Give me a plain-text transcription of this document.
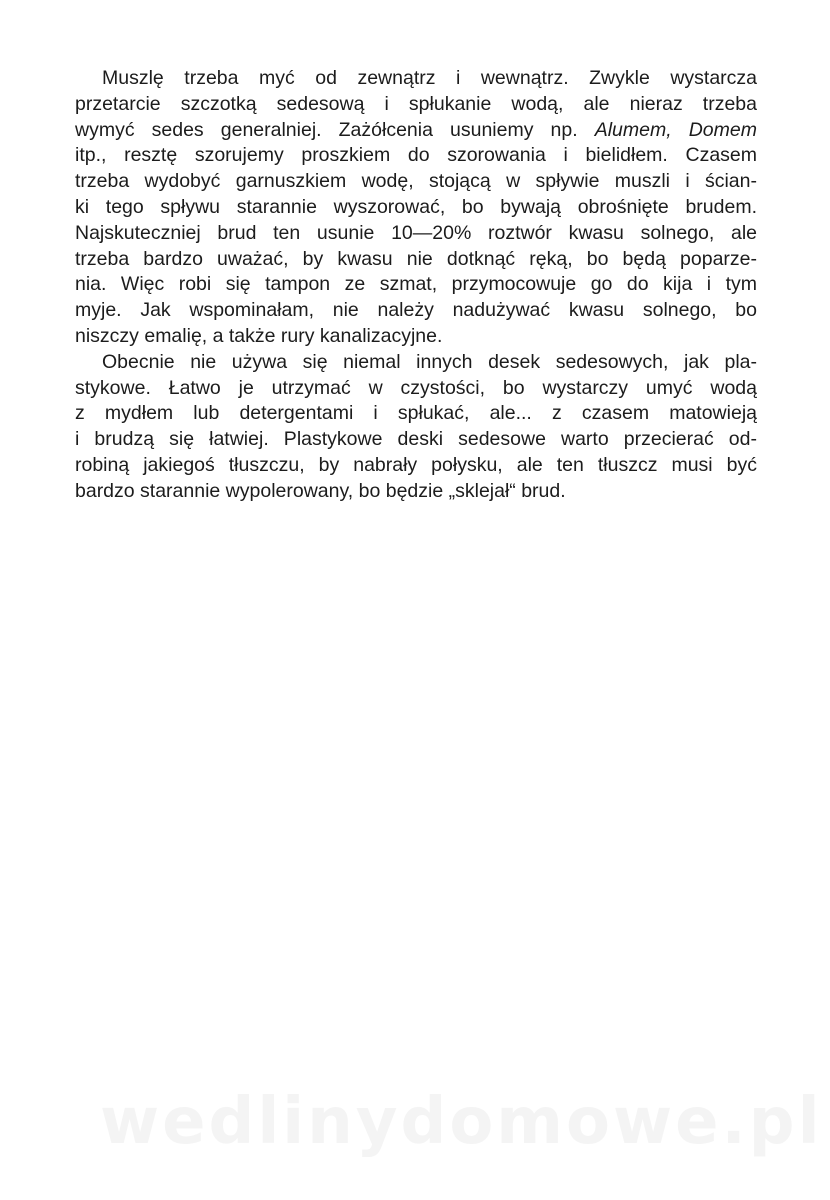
Muszlę trzeba myć od zewnątrz i wewnątrz. Zwykle wystarcza
przetarcie szczotką sedesową i spłukanie wodą, ale nieraz trzeba
wymyć sedes generalniej. Zażółcenia usuniemy np. Alumem, Domem
itp., resztę szorujemy proszkiem do szorowania i bielidłem. Czasem
trzeba wydobyć garnuszkiem wodę, stojącą w spływie muszli i ścian-
ki tego spływu starannie wyszorować, bo bywają obrośnięte brudem.
Najskuteczniej brud ten usunie 10—20% roztwór kwasu solnego, ale
trzeba bardzo uważać, by kwasu nie dotknąć ręką, bo będą poparze-
nia. Więc robi się tampon ze szmat, przymocowuje go do kija i tym
myje. Jak wspominałam, nie należy nadużywać kwasu solnego, bo
niszczy emalię, a także rury kanalizacyjne.
Obecnie nie używa się niemal innych desek sedesowych, jak pla-
stykowe. Łatwo je utrzymać w czystości, bo wystarczy umyć wodą
z mydłem lub detergentami i spłukać, ale... z czasem matowieją
i brudzą się łatwiej. Plastykowe deski sedesowe warto przecierać od-
robiną jakiegoś tłuszczu, by nabrały połysku, ale ten tłuszcz musi być
bardzo starannie wypolerowany, bo będzie „sklejał“ brud.
wedlinydomowe.pl
